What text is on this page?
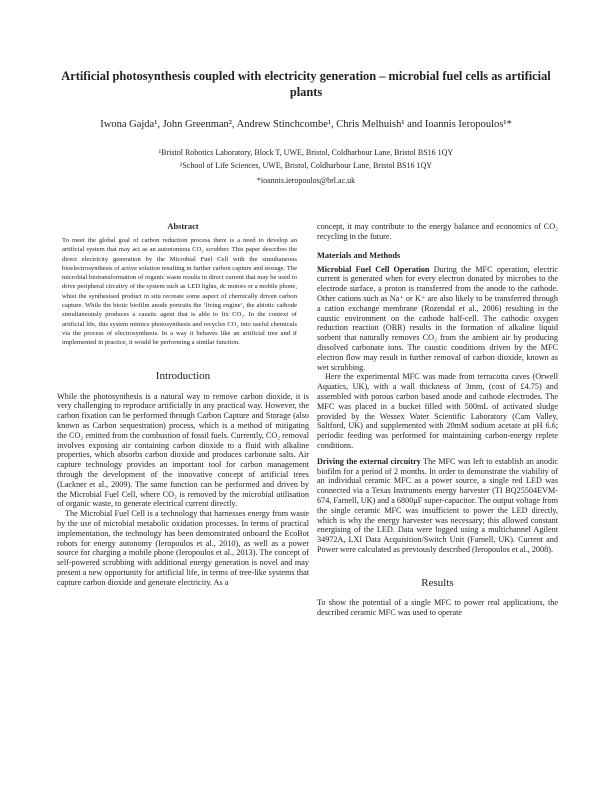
Artificial photosynthesis coupled with electricity generation – microbial fuel cells as artificial plants

Iwona Gajda¹, John Greenman², Andrew Stinchcombe¹, Chris Melhuish¹ and Ioannis Ieropoulos¹*

¹Bristol Robotics Laboratory, Block T, UWE, Bristol, Coldharbour Lane, Bristol BS16 1QY

²School of Life Sciences, UWE, Bristol, Coldharbour Lane, Bristol BS16 1QY

*ioannis.ieropoulos@brl.ac.uk

Abstract

To meet the global goal of carbon reduction process there is a need to develop an artificial system that may act as an autonomous CO₂ scrubber. This paper describes the direct electricity generation by the Microbial Fuel Cell with the simultaneous bioelectrosynthesis of active solution resulting in further carbon capture and storage. The microbial biotransformation of organic waste results in direct current that may be used to drive peripheral circuitry of the system such as LED lights, dc motors or a mobile phone, whist the synthesised product in situ recreate some aspect of chemically driven carbon capture. While the biotic biofilm anode portraits the ‘living engine’, the abiotic cathode simultaneously produces a caustic agent that is able to fix CO₂. In the context of artificial life, this system mimics photosynthesis and recycles CO₂ into useful chemicals via the process of electrosynthesis. In a way it behaves like an artificial tree and if implemented in practice, it would be performing a similar function.

Introduction

While the photosynthesis is a natural way to remove carbon dioxide, it is very challenging to reproduce artificially in any practical way. However, the carbon fixation can be performed through Carbon Capture and Storage (also known as Carbon sequestration) process, which is a method of mitigating the CO₂ emitted from the combustion of fossil fuels. Currently, CO₂ removal involves exposing air containing carbon dioxide to a fluid with alkaline properties, which absorbs carbon dioxide and produces carbonate salts. Air capture technology provides an important tool for carbon management through the development of the innovative concept of artificial trees (Lackner et al., 2009). The same function can be performed and driven by the Microbial Fuel Cell, where CO₂ is removed by the microbial utilisation of organic waste, to generate electrical current directly.

The Microbial Fuel Cell is a technology that harnesses energy from waste by the use of microbial metabolic oxidation processes. In terms of practical implementation, the technology has been demonstrated onboard the EcoBot robots for energy autonomy (Ieropoulos et al., 2010), as well as a power source for charging a mobile phone (Ieropoulos et al., 2013). The concept of self-powered scrubbing with additional energy generation is novel and may present a new opportunity for artificial life, in terms of tree-like systems that capture carbon dioxide and generate electricity. As a

concept, it may contribute to the energy balance and economics of CO₂ recycling in the future.

Materials and Methods

Microbial Fuel Cell Operation During the MFC operation, electric current is generated when for every electron donated by microbes to the electrode surface, a proton is transferred from the anode to the cathode. Other cations such as Na⁺ or K⁺ are also likely to be transferred through a cation exchange membrane (Rozendal et al., 2006) resulting in the caustic environment on the cathode half-cell. The cathodic oxygen reduction reaction (ORR) results in the formation of alkaline liquid sorbent that naturally removes CO₂ from the ambient air by producing dissolved carbonate ions. The caustic conditions driven by the MFC electron flow may result in further removal of carbon dioxide, known as wet scrubbing.

Here the experimental MFC was made from terracotta caves (Orwell Aquatics, UK), with a wall thickness of 3mm, (cost of £4.75) and assembled with porous carbon based anode and cathode electrodes. The MFC was placed in a bucket filled with 500mL of activated sludge provided by the Wessex Water Scientific Laboratory (Cam Valley, Saltford, UK) and supplemented with 20mM sodium acetate at pH 6.6; periodic feeding was performed for maintaining carbon-energy replete conditions.

Driving the external circuitry The MFC was left to establish an anodic biofilm for a period of 2 months. In order to demonstrate the viability of an individual ceramic MFC as a power source, a single red LED was connected via a Texas Instruments energy harvester (TI BQ25504EVM-674, Farnell, UK) and a 6800μF super-capacitor. The output voltage from the single ceramic MFC was insufficient to power the LED directly, which is why the energy harvester was necessary; this allowed constant energising of the LED. Data were logged using a multichannel Agilent 34972A, LXI Data Acquisition/Switch Unit (Farnell, UK). Current and Power were calculated as previously described (Ieropoulos et al., 2008).

Results

To show the potential of a single MFC to power real applications, the described ceramic MFC was used to operate
